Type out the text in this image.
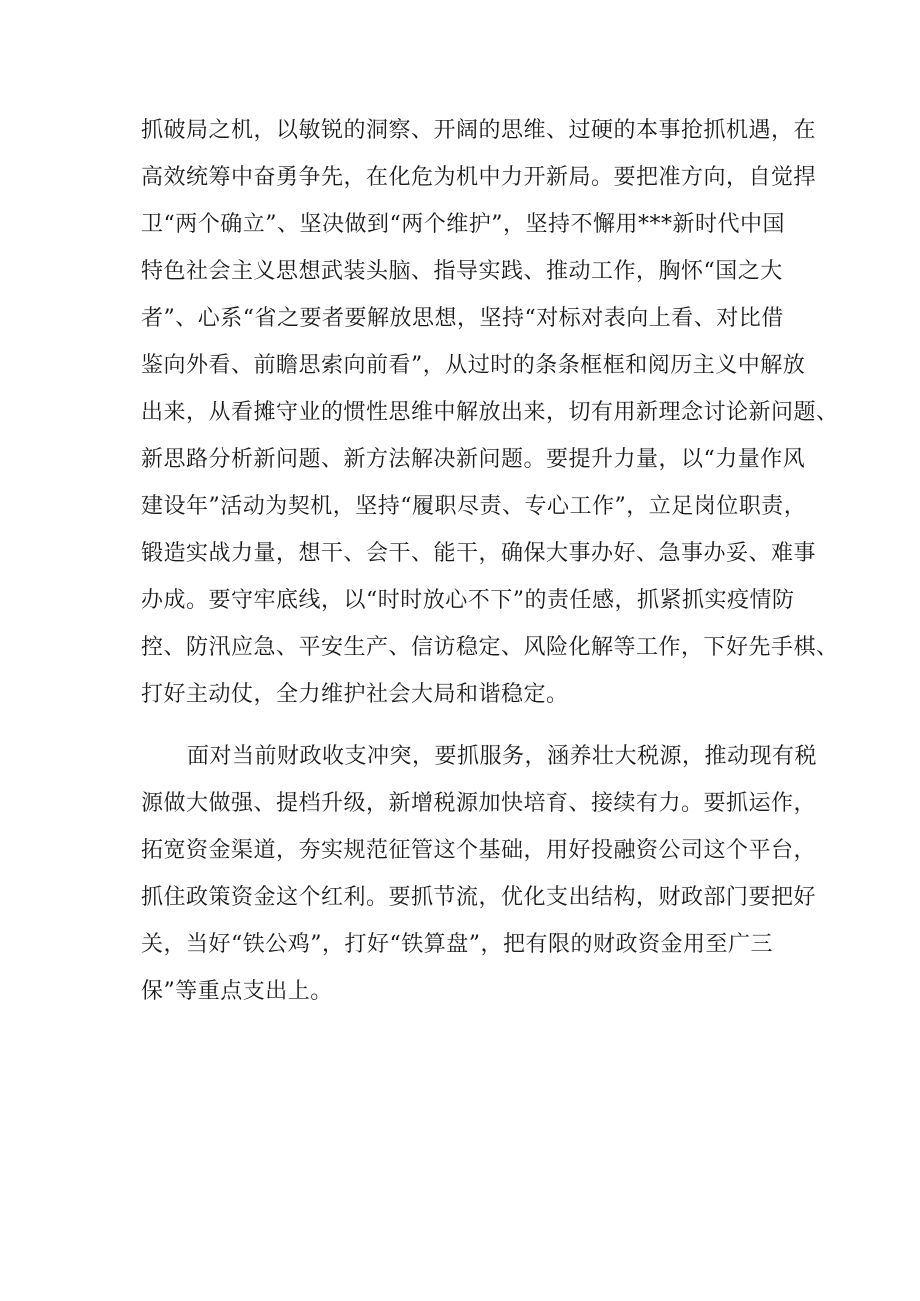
抓破局之机，以敏锐的洞察、开阔的思维、过硬的本事抢抓机遇，在
高效统筹中奋勇争先，在化危为机中力开新局。要把准方向，自觉捍
卫“两个确立”、坚决做到“两个维护”，坚持不懈用***新时代中国
特色社会主义思想武装头脑、指导实践、推动工作，胸怀“国之大
者”、心系“省之要者要解放思想，坚持“对标对表向上看、对比借
鉴向外看、前瞻思索向前看”，从过时的条条框框和阅历主义中解放
出来，从看摊守业的惯性思维中解放出来，切有用新理念讨论新问题、
新思路分析新问题、新方法解决新问题。要提升力量，以“力量作风
建设年”活动为契机，坚持“履职尽责、专心工作”，立足岗位职责，
锻造实战力量，想干、会干、能干，确保大事办好、急事办妥、难事
办成。要守牢底线，以“时时放心不下”的责任感，抓紧抓实疫情防
控、防汛应急、平安生产、信访稳定、风险化解等工作，下好先手棋、
打好主动仗，全力维护社会大局和谐稳定。
面对当前财政收支冲突，要抓服务，涵养壮大税源，推动现有税
源做大做强、提档升级，新增税源加快培育、接续有力。要抓运作，
拓宽资金渠道，夯实规范征管这个基础，用好投融资公司这个平台，
抓住政策资金这个红利。要抓节流，优化支出结构，财政部门要把好
关，当好“铁公鸡”，打好“铁算盘”，把有限的财政资金用至广三
保”等重点支出上。
